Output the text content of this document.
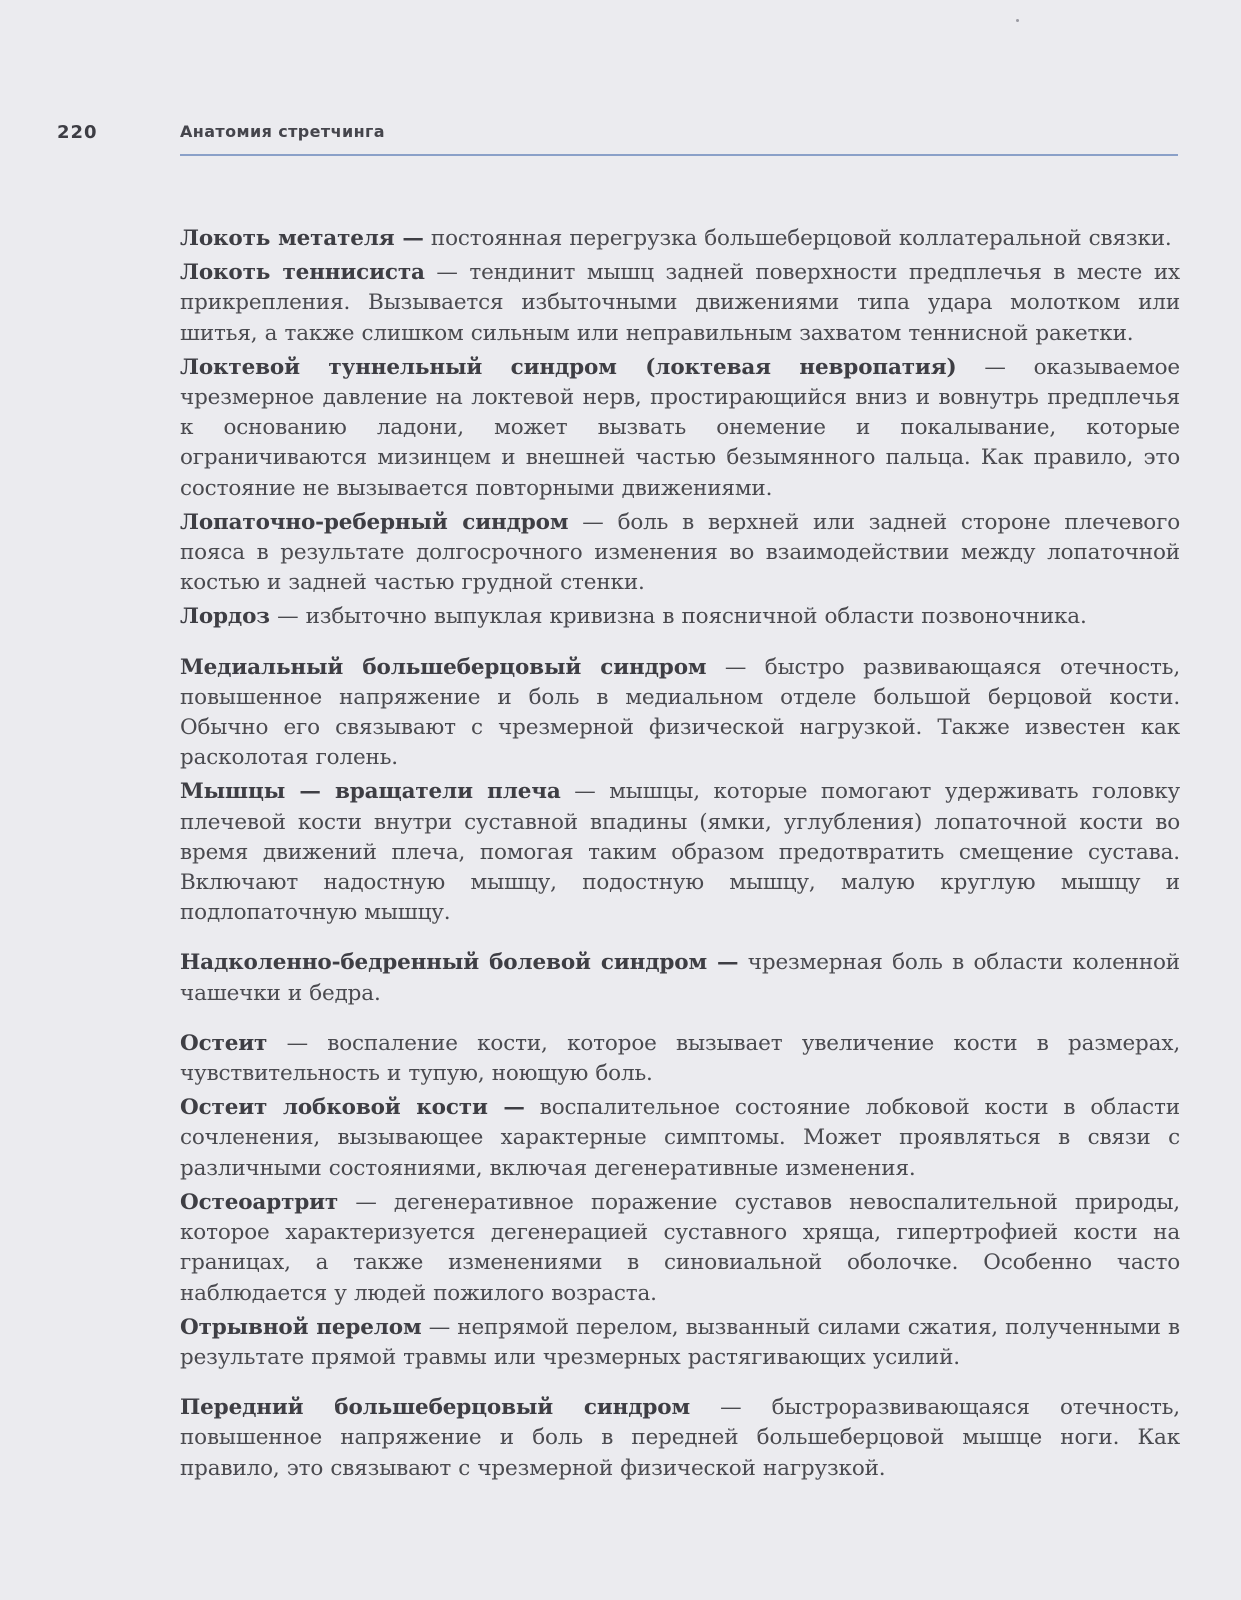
220	Анатомия стретчинга

Локоть метателя — постоянная перегрузка большеберцовой коллатеральной связки.

Локоть теннисиста — тендинит мышц задней поверхности предплечья в месте их прикрепления. Вызывается избыточными движениями типа удара молотком или шитья, а также слишком сильным или неправильным захватом теннисной ракетки.

Локтевой туннельный синдром (локтевая невропатия) — оказываемое чрезмерное давление на локтевой нерв, простирающийся вниз и вовнутрь предплечья к основанию ладони, может вызвать онемение и покалывание, которые ограничиваются мизинцем и внешней частью безымянного пальца. Как правило, это состояние не вызывается повторными движениями.

Лопаточно-реберный синдром — боль в верхней или задней стороне плечевого пояса в результате долгосрочного изменения во взаимодействии между лопаточной костью и задней частью грудной стенки.

Лордоз — избыточно выпуклая кривизна в поясничной области позвоночника.

Медиальный большеберцовый синдром — быстро развивающаяся отечность, повышенное напряжение и боль в медиальном отделе большой берцовой кости. Обычно его связывают с чрезмерной физической нагрузкой. Также известен как расколотая голень.

Мышцы — вращатели плеча — мышцы, которые помогают удерживать головку плечевой кости внутри суставной впадины (ямки, углубления) лопаточной кости во время движений плеча, помогая таким образом предотвратить смещение сустава. Включают надостную мышцу, подостную мышцу, малую круглую мышцу и подлопаточную мышцу.

Надколенно-бедренный болевой синдром — чрезмерная боль в области коленной чашечки и бедра.

Остеит — воспаление кости, которое вызывает увеличение кости в размерах, чувствительность и тупую, ноющую боль.

Остеит лобковой кости — воспалительное состояние лобковой кости в области сочленения, вызывающее характерные симптомы. Может проявляться в связи с различными состояниями, включая дегенеративные изменения.

Остеоартрит — дегенеративное поражение суставов невоспалительной природы, которое характеризуется дегенерацией суставного хряща, гипертрофией кости на границах, а также изменениями в синовиальной оболочке. Особенно часто наблюдается у людей пожилого возраста.

Отрывной перелом — непрямой перелом, вызванный силами сжатия, полученными в результате прямой травмы или чрезмерных растягивающих усилий.

Передний большеберцовый синдром — быстроразвивающаяся отечность, повышенное напряжение и боль в передней большеберцовой мышце ноги. Как правило, это связывают с чрезмерной физической нагрузкой.
